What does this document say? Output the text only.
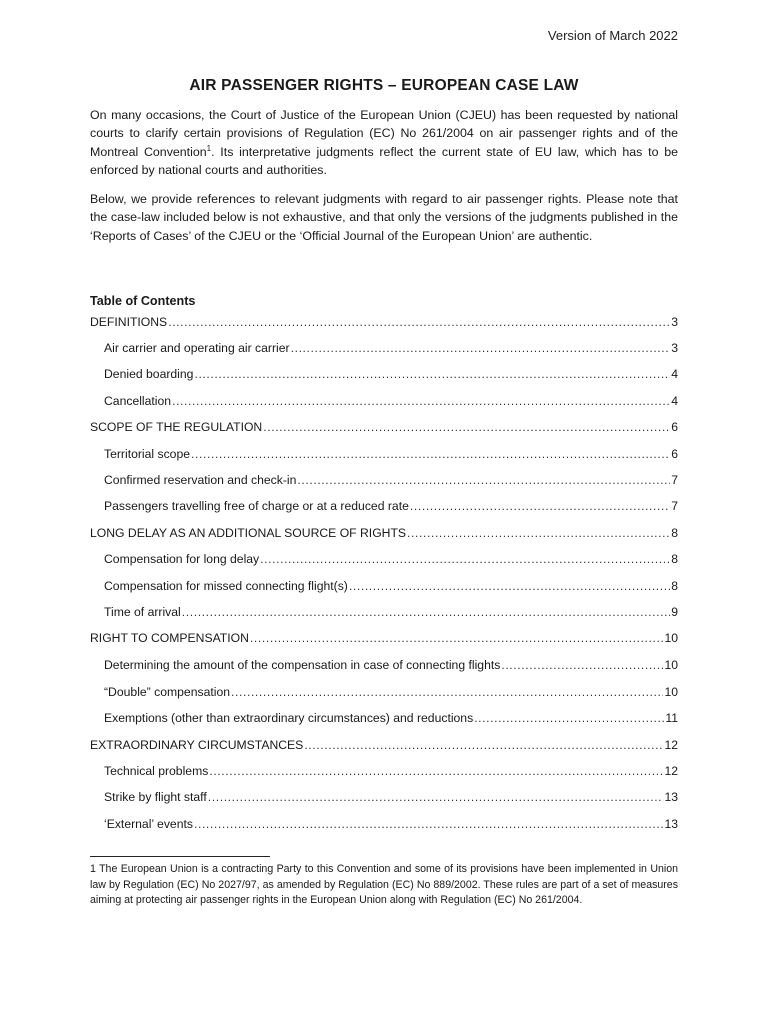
Version of March 2022
AIR PASSENGER RIGHTS – EUROPEAN CASE LAW

On many occasions, the Court of Justice of the European Union (CJEU) has been requested by national courts to clarify certain provisions of Regulation (EC) No 261/2004 on air passenger rights and of the Montreal Convention$^1$. Its interpretative judgments reflect the current state of EU law, which has to be enforced by national courts and authorities.

Below, we provide references to relevant judgments with regard to air passenger rights. Please note that the case-law included below is not exhaustive, and that only the versions of the judgments published in the ‘Reports of Cases’ of the CJEU or the ‘Official Journal of the European Union’ are authentic.

Table of Contents
DEFINITIONS .....	3
Air carrier and operating air carrier .....	3
Denied boarding .....	4
Cancellation .....	4
SCOPE OF THE REGULATION .....	6
Territorial scope .....	6
Confirmed reservation and check-in .....	7
Passengers travelling free of charge or at a reduced rate .....	7
LONG DELAY AS AN ADDITIONAL SOURCE OF RIGHTS .....	8
Compensation for long delay .....	8
Compensation for missed connecting flight(s) .....	8
Time of arrival .....	9
RIGHT TO COMPENSATION .....	10
Determining the amount of the compensation in case of connecting flights .....	10
“Double” compensation .....	10
Exemptions (other than extraordinary circumstances) and reductions .....	11
EXTRAORDINARY CIRCUMSTANCES .....	12
Technical problems .....	12
Strike by flight staff .....	13
‘External’ events .....	13

1 The European Union is a contracting Party to this Convention and some of its provisions have been implemented in Union law by Regulation (EC) No 2027/97, as amended by Regulation (EC) No 889/2002. These rules are part of a set of measures aiming at protecting air passenger rights in the European Union along with Regulation (EC) No 261/2004.
